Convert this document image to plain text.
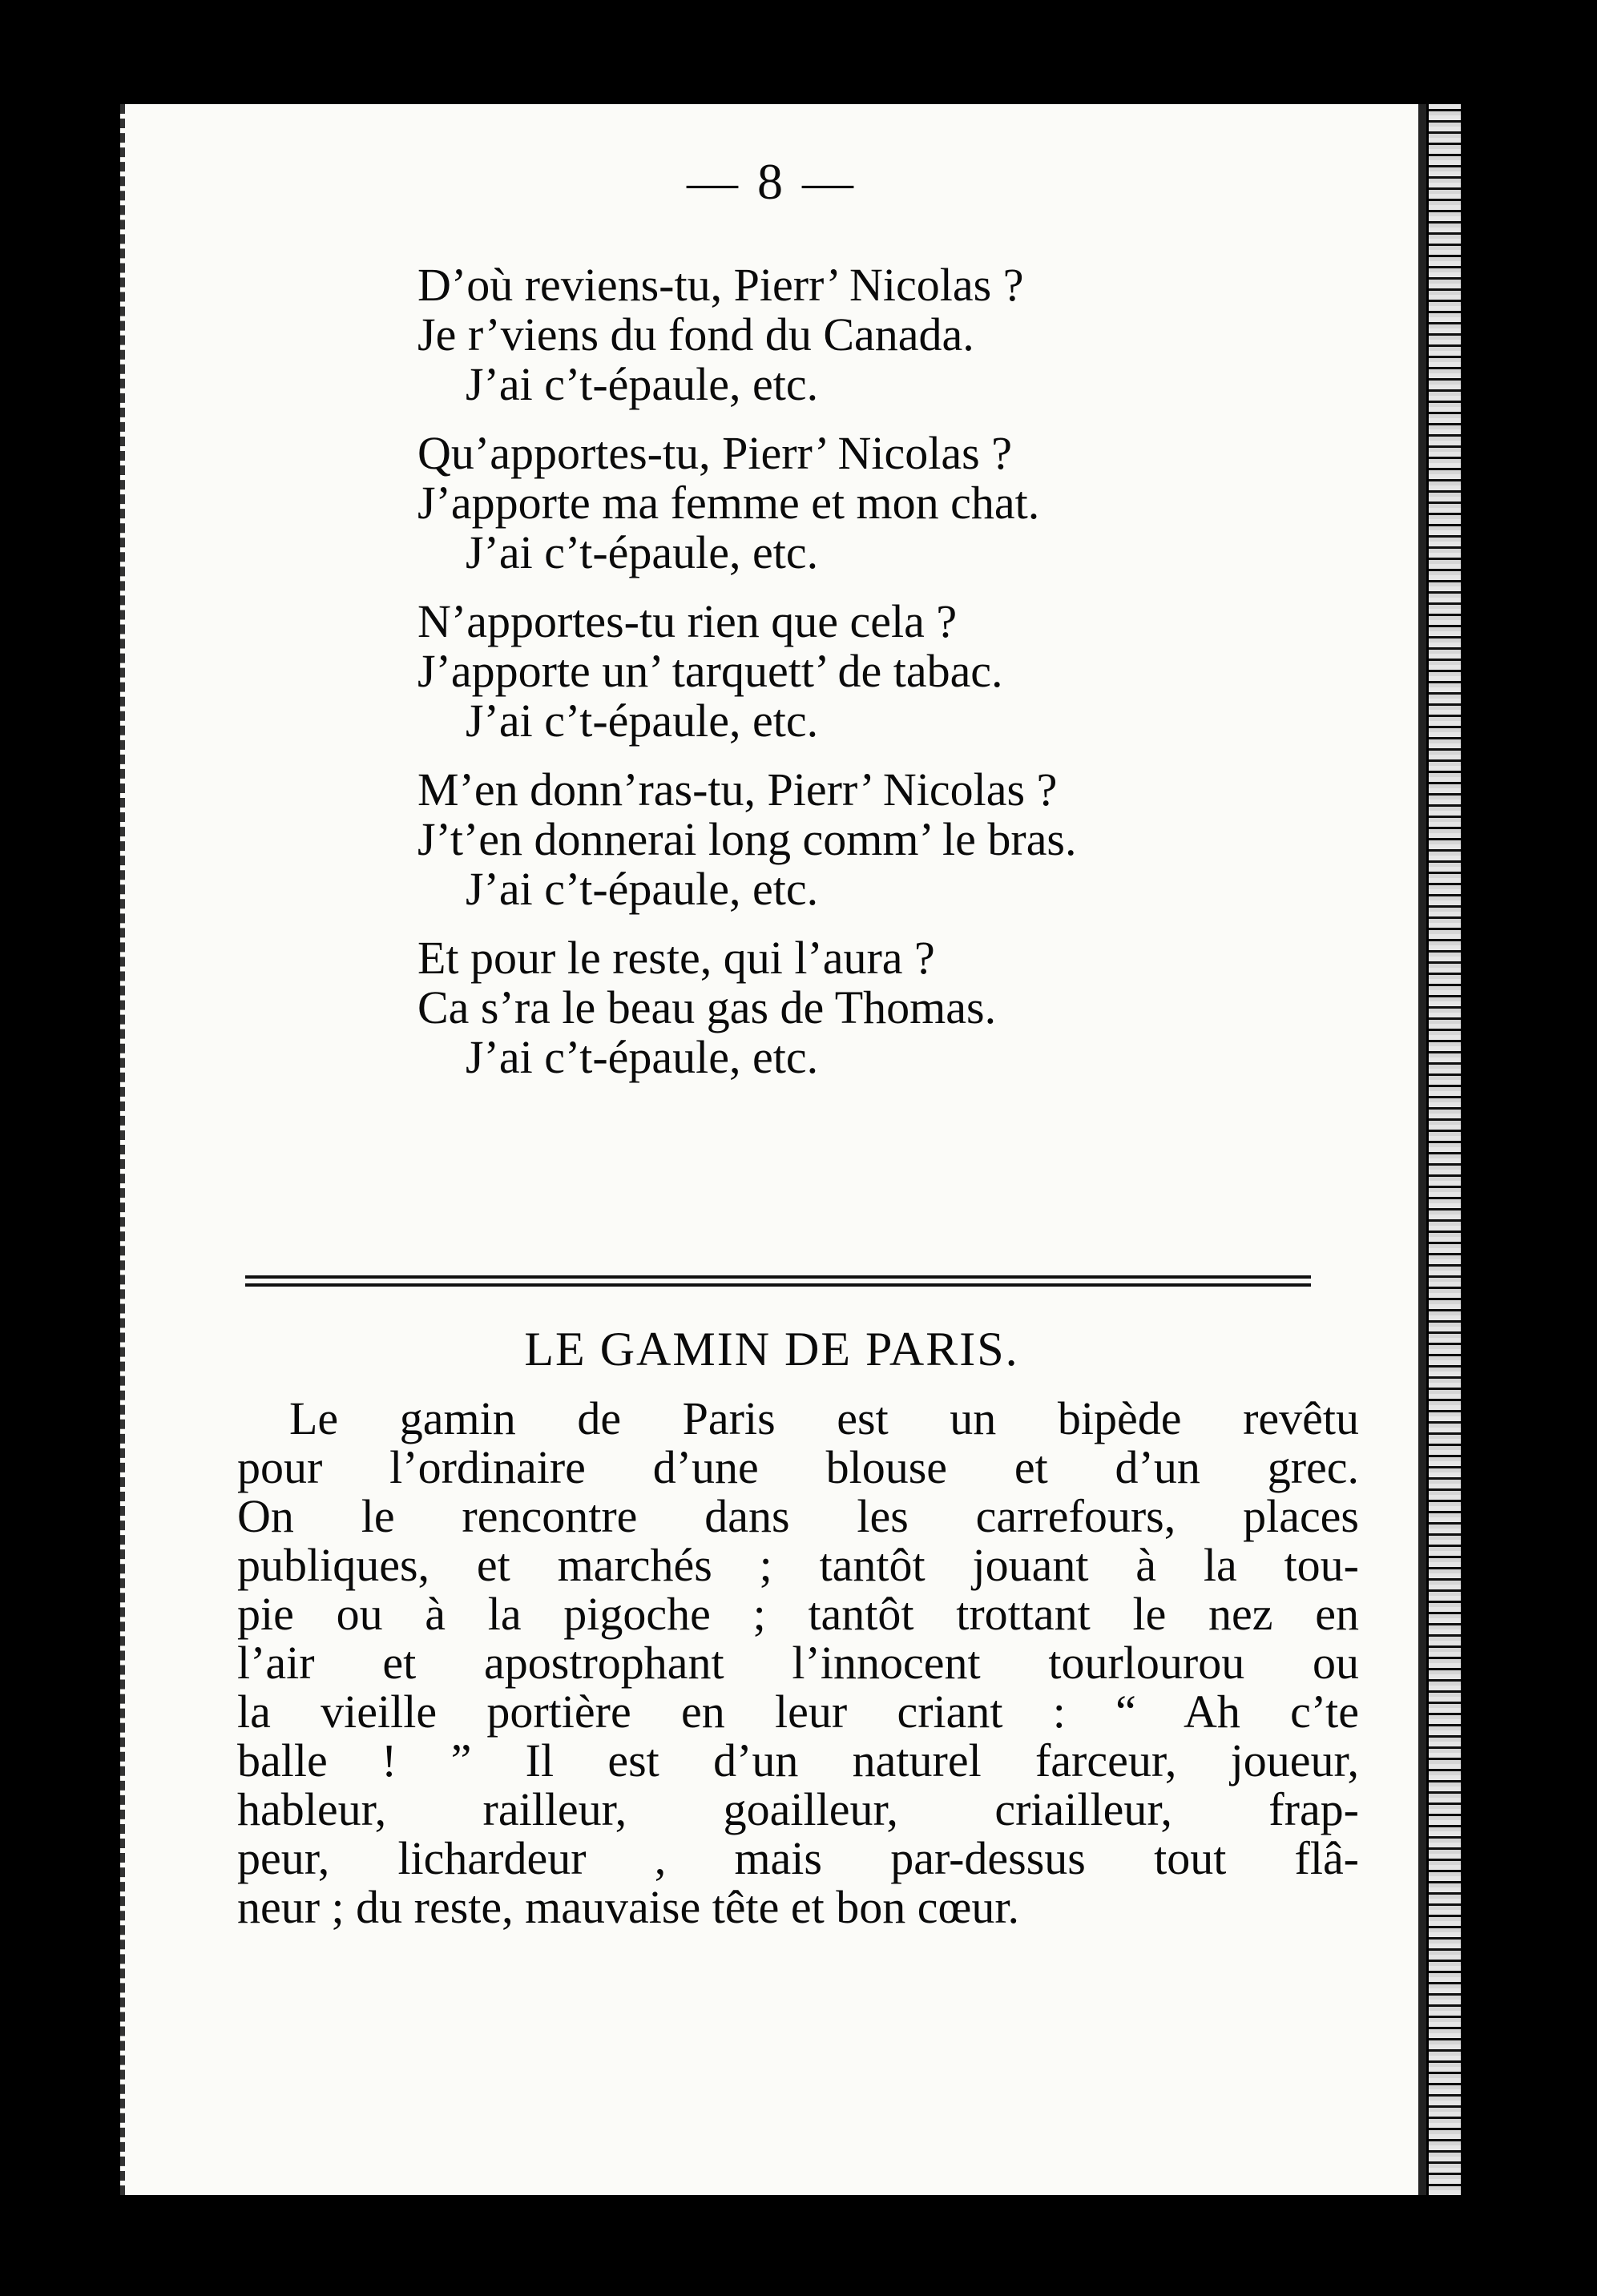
— 8 —
D’où reviens-tu, Pierr’ Nicolas ?
Je r’viens du fond du Canada.
J’ai c’t-épaule, etc.
Qu’apportes-tu, Pierr’ Nicolas ?
J’apporte ma femme et mon chat.
J’ai c’t-épaule, etc.
N’apportes-tu rien que cela ?
J’apporte un’ tarquett’ de tabac.
J’ai c’t-épaule, etc.
M’en donn’ras-tu, Pierr’ Nicolas ?
J’t’en donnerai long comm’ le bras.
J’ai c’t-épaule, etc.
Et pour le reste, qui l’aura ?
Ca s’ra le beau gas de Thomas.
J’ai c’t-épaule, etc.
LE GAMIN DE PARIS.
Le gamin de Paris est un bipède revêtu
pour l’ordinaire d’une blouse et d’un grec.
On le rencontre dans les carrefours, places
publiques, et marchés ; tantôt jouant à la tou-
pie ou à la pigoche ; tantôt trottant le nez en
l’air et apostrophant l’innocent tourlourou ou
la vieille portière en leur criant : “ Ah c’te
balle ! ” Il est d’un naturel farceur, joueur,
hableur, railleur, goailleur, criailleur, frap-
peur, lichardeur , mais par-dessus tout flâ-
neur ; du reste, mauvaise tête et bon cœur.
